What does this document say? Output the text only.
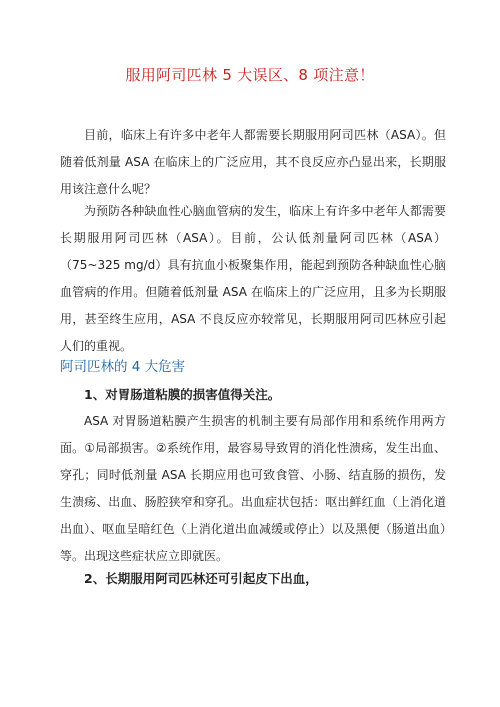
服用阿司匹林 5 大误区、8 项注意！

目前，临床上有许多中老年人都需要长期服用阿司匹林（ASA）。但随着低剂量 ASA 在临床上的广泛应用，其不良反应亦凸显出来，长期服用该注意什么呢？

为预防各种缺血性心脑血管病的发生，临床上有许多中老年人都需要长期服用阿司匹林（ASA）。目前，公认低剂量阿司匹林（ASA）（75~325 mg/d）具有抗血小板聚集作用，能起到预防各种缺血性心脑血管病的作用。但随着低剂量 ASA 在临床上的广泛应用，且多为长期服用，甚至终生应用，ASA 不良反应亦较常见，长期服用阿司匹林应引起人们的重视。

阿司匹林的 4 大危害
1、对胃肠道粘膜的损害值得关注。

ASA 对胃肠道粘膜产生损害的机制主要有局部作用和系统作用两方面。①局部损害。②系统作用，最容易导致胃的消化性溃疡，发生出血、穿孔；同时低剂量 ASA 长期应用也可致食管、小肠、结直肠的损伤，发生溃疡、出血、肠腔狭窄和穿孔。出血症状包括：呕出鲜红血（上消化道出血）、呕血呈暗红色（上消化道出血减缓或停止）以及黑便（肠道出血）等。出现这些症状应立即就医。

2、长期服用阿司匹林还可引起皮下出血，
